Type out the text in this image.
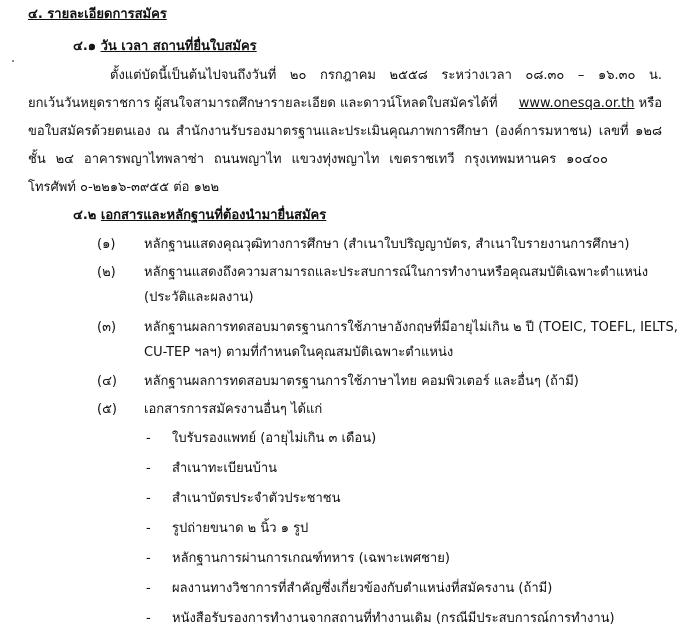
๔. รายละเอียดการสมัคร
๔.๑ วัน เวลา สถานที่ยื่นใบสมัคร
ตั้งแต่บัดนี้เป็นต้นไปจนถึงวันที่ ๒๐ กรกฎาคม ๒๕๕๘ ระหว่างเวลา ๐๘.๓๐ – ๑๖.๓๐ น.
ยกเว้นวันหยุดราชการ ผู้สนใจสามารถศึกษารายละเอียด และดาวน์โหลดใบสมัครได้ที่ www.onesqa.or.th หรือ
ขอใบสมัครด้วยตนเอง ณ สำนักงานรับรองมาตรฐานและประเมินคุณภาพการศึกษา (องค์การมหาชน) เลขที่ ๑๒๘
ชั้น ๒๔ อาคารพญาไทพลาซ่า ถนนพญาไท แขวงทุ่งพญาไท เขตราชเทวี กรุงเทพมหานคร ๑๐๔๐๐
โทรศัพท์ ๐-๒๒๑๖-๓๙๕๕ ต่อ ๑๒๒
๔.๒ เอกสารและหลักฐานที่ต้องนำมายื่นสมัคร
(๑) หลักฐานแสดงคุณวุฒิทางการศึกษา (สำเนาใบปริญญาบัตร, สำเนาใบรายงานการศึกษา)
(๒) หลักฐานแสดงถึงความสามารถและประสบการณ์ในการทำงานหรือคุณสมบัติเฉพาะตำแหน่ง
(ประวัติและผลงาน)
(๓) หลักฐานผลการทดสอบมาตรฐานการใช้ภาษาอังกฤษที่มีอายุไม่เกิน ๒ ปี (TOEIC, TOEFL, IELTS,
CU-TEP ฯลฯ) ตามที่กำหนดในคุณสมบัติเฉพาะตำแหน่ง
(๔) หลักฐานผลการทดสอบมาตรฐานการใช้ภาษาไทย คอมพิวเตอร์ และอื่นๆ (ถ้ามี)
(๕) เอกสารการสมัครงานอื่นๆ ได้แก่
- ใบรับรองแพทย์ (อายุไม่เกิน ๓ เดือน)
- สำเนาทะเบียนบ้าน
- สำเนาบัตรประจำตัวประชาชน
- รูปถ่ายขนาด ๒ นิ้ว ๑ รูป
- หลักฐานการผ่านการเกณฑ์ทหาร (เฉพาะเพศชาย)
- ผลงานทางวิชาการที่สำคัญซึ่งเกี่ยวข้องกับตำแหน่งที่สมัครงาน (ถ้ามี)
- หนังสือรับรองการทำงานจากสถานที่ทำงานเดิม (กรณีมีประสบการณ์การทำงาน)
